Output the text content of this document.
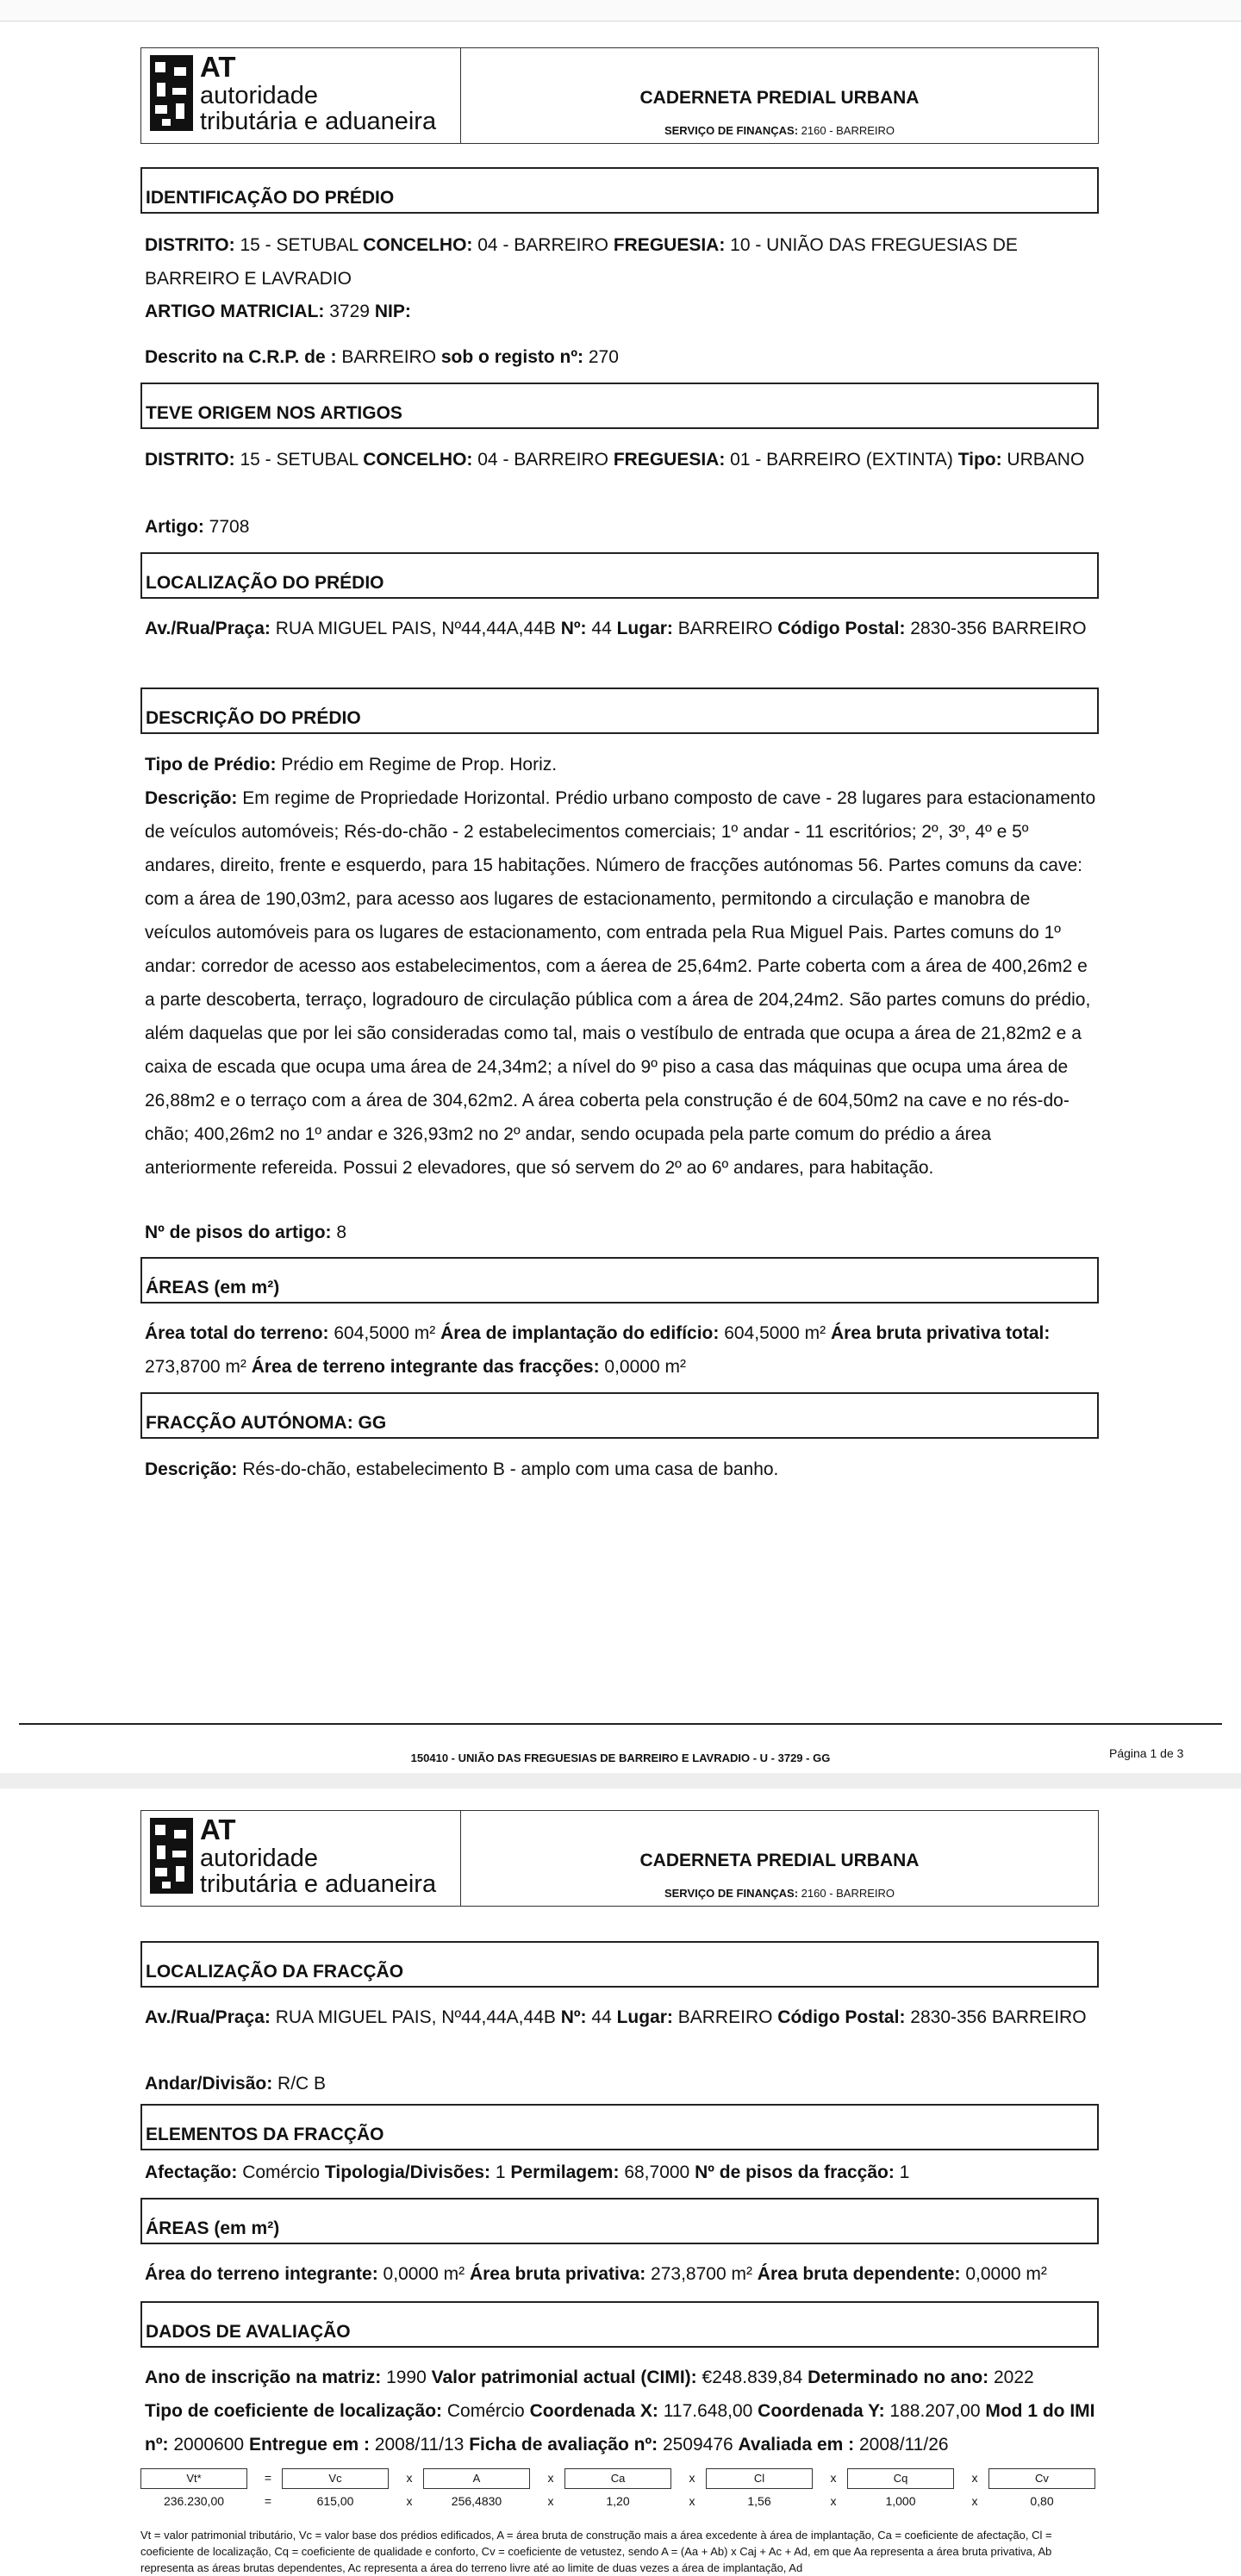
AT
autoridade
tributária e aduaneira
CADERNETA PREDIAL URBANA
SERVIÇO DE FINANÇAS: 2160 - BARREIRO
IDENTIFICAÇÃO DO PRÉDIO
DISTRITO: 15 - SETUBAL CONCELHO: 04 - BARREIRO FREGUESIA: 10 - UNIÃO DAS FREGUESIAS DE BARREIRO E LAVRADIO
ARTIGO MATRICIAL: 3729 NIP:
Descrito na C.R.P. de : BARREIRO sob o registo nº: 270
TEVE ORIGEM NOS ARTIGOS
DISTRITO: 15 - SETUBAL CONCELHO: 04 - BARREIRO FREGUESIA: 01 - BARREIRO (EXTINTA) Tipo: URBANO
Artigo: 7708
LOCALIZAÇÃO DO PRÉDIO
Av./Rua/Praça: RUA MIGUEL PAIS, Nº44,44A,44B Nº: 44 Lugar: BARREIRO Código Postal: 2830-356 BARREIRO
DESCRIÇÃO DO PRÉDIO
Tipo de Prédio: Prédio em Regime de Prop. Horiz.
Descrição: Em regime de Propriedade Horizontal. Prédio urbano composto de cave - 28 lugares para estacionamento de veículos automóveis; Rés-do-chão - 2 estabelecimentos comerciais; 1º andar - 11 escritórios; 2º, 3º, 4º e 5º andares, direito, frente e esquerdo, para 15 habitações. Número de fracções autónomas 56. Partes comuns da cave: com a área de 190,03m2, para acesso aos lugares de estacionamento, permitondo a circulação e manobra de veículos automóveis para os lugares de estacionamento, com entrada pela Rua Miguel Pais. Partes comuns do 1º andar: corredor de acesso aos estabelecimentos, com a áerea de 25,64m2. Parte coberta com a área de 400,26m2 e a parte descoberta, terraço, logradouro de circulação pública com a área de 204,24m2. São partes comuns do prédio, além daquelas que por lei são consideradas como tal, mais o vestíbulo de entrada que ocupa a área de 21,82m2 e a caixa de escada que ocupa uma área de 24,34m2; a nível do 9º piso a casa das máquinas que ocupa uma área de 26,88m2 e o terraço com a área de 304,62m2. A área coberta pela construção é de 604,50m2 na cave e no rés-do-chão; 400,26m2 no 1º andar e 326,93m2 no 2º andar, sendo ocupada pela parte comum do prédio a área anteriormente refereida. Possui 2 elevadores, que só servem do 2º ao 6º andares, para habitação.
Nº de pisos do artigo: 8
ÁREAS (em m²)
Área total do terreno: 604,5000 m² Área de implantação do edifício: 604,5000 m² Área bruta privativa total: 273,8700 m² Área de terreno integrante das fracções: 0,0000 m²
FRACÇÃO AUTÓNOMA: GG
Descrição: Rés-do-chão, estabelecimento B - amplo com uma casa de banho.
150410 - UNIÃO DAS FREGUESIAS DE BARREIRO E LAVRADIO - U - 3729 - GG	Página 1 de 3
AT
autoridade
tributária e aduaneira
CADERNETA PREDIAL URBANA
SERVIÇO DE FINANÇAS: 2160 - BARREIRO
LOCALIZAÇÃO DA FRACÇÃO
Av./Rua/Praça: RUA MIGUEL PAIS, Nº44,44A,44B Nº: 44 Lugar: BARREIRO Código Postal: 2830-356 BARREIRO
Andar/Divisão: R/C B
ELEMENTOS DA FRACÇÃO
Afectação: Comércio Tipologia/Divisões: 1 Permilagem: 68,7000 Nº de pisos da fracção: 1
ÁREAS (em m²)
Área do terreno integrante: 0,0000 m² Área bruta privativa: 273,8700 m² Área bruta dependente: 0,0000 m²
DADOS DE AVALIAÇÃO
Ano de inscrição na matriz: 1990 Valor patrimonial actual (CIMI): €248.839,84 Determinado no ano: 2022
Tipo de coeficiente de localização: Comércio Coordenada X: 117.648,00 Coordenada Y: 188.207,00 Mod 1 do IMI nº: 2000600 Entregue em : 2008/11/13 Ficha de avaliação nº: 2509476 Avaliada em : 2008/11/26
Vt*	=	Vc	x	A	x	Ca	x	Cl	x	Cq	x	Cv
236.230,00	=	615,00	x	256,4830	x	1,20	x	1,56	x	1,000	x	0,80
Vt = valor patrimonial tributário, Vc = valor base dos prédios edificados, A = área bruta de construção mais a área excedente à área de implantação, Ca = coeficiente de afectação, Cl = coeficiente de localização, Cq = coeficiente de qualidade e conforto, Cv = coeficiente de vetustez, sendo A = (Aa + Ab) x Caj + Ac + Ad, em que Aa representa a área bruta privativa, Ab representa as áreas brutas dependentes, Ac representa a área do terreno livre até ao limite de duas vezes a área de implantação, Ad
